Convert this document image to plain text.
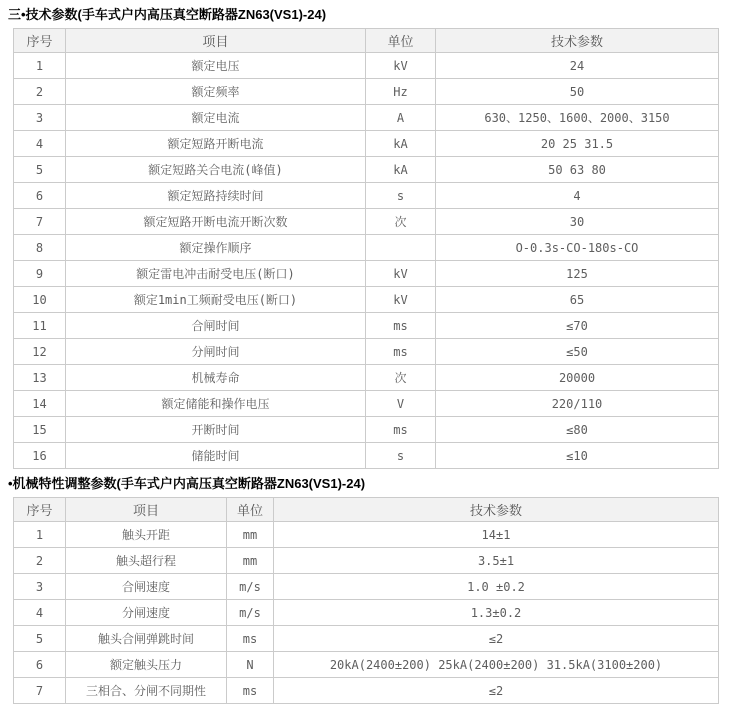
三•技术参数(手车式户内高压真空断路器ZN63(VS1)-24)
序号	项目	单位	技术参数
1	额定电压	kV	24
2	额定频率	Hz	50
3	额定电流	A	630、1250、1600、2000、3150
4	额定短路开断电流	kA	20 25 31.5
5	额定短路关合电流(峰值)	kA	50 63 80
6	额定短路持续时间	s	4
7	额定短路开断电流开断次数	次	30
8	额定操作顺序		O-0.3s-CO-180s-CO
9	额定雷电冲击耐受电压(断口)	kV	125
10	额定1min工频耐受电压(断口)	kV	65
11	合闸时间	ms	≤70
12	分闸时间	ms	≤50
13	机械寿命	次	20000
14	额定储能和操作电压	V	220/110
15	开断时间	ms	≤80
16	储能时间	s	≤10
•机械特性调整参数(手车式户内高压真空断路器ZN63(VS1)-24)
序号	项目	单位	技术参数
1	触头开距	mm	14±1
2	触头超行程	mm	3.5±1
3	合闸速度	m/s	1.0 ±0.2
4	分闸速度	m/s	1.3±0.2
5	触头合闸弹跳时间	ms	≤2
6	额定触头压力	N	20kA(2400±200) 25kA(2400±200) 31.5kA(3100±200)
7	三相合、分闸不同期性	ms	≤2
